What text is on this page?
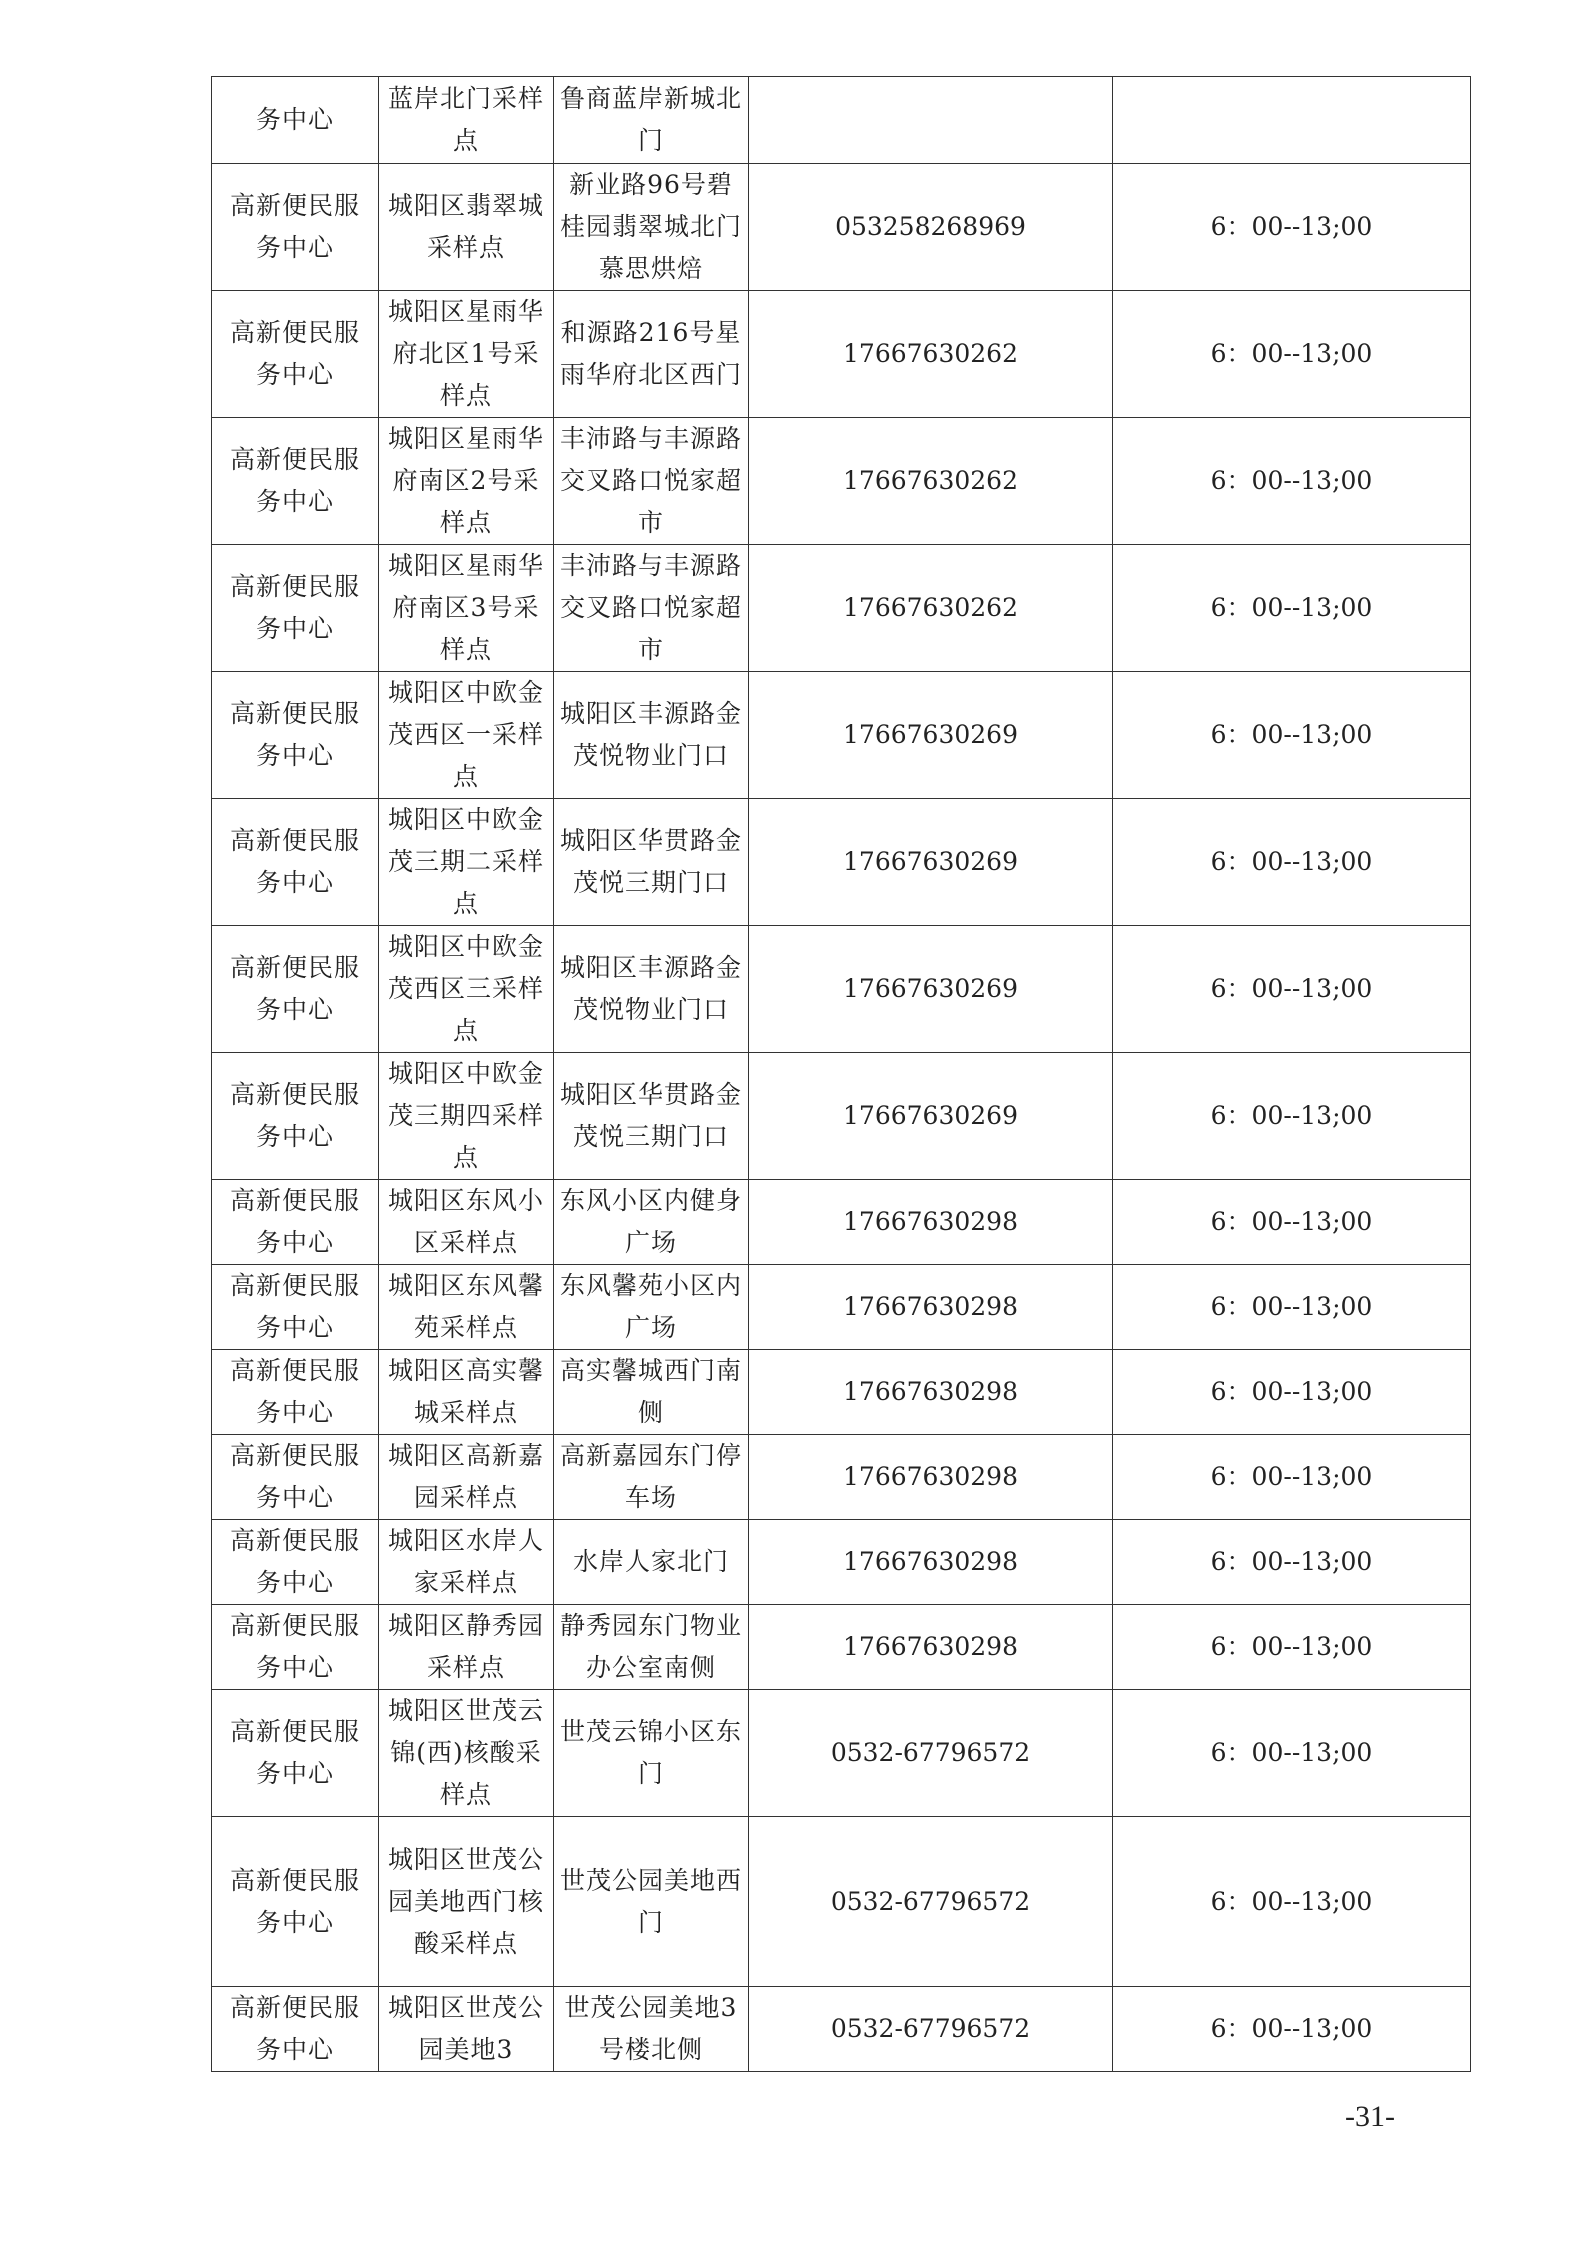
务中心	蓝岸北门采样点	鲁商蓝岸新城北门		
高新便民服务中心	城阳区翡翠城采样点	新业路96号碧桂园翡翠城北门慕思烘焙	053258268969	6：00--13;00
高新便民服务中心	城阳区星雨华府北区1号采样点	和源路216号星雨华府北区西门	17667630262	6：00--13;00
高新便民服务中心	城阳区星雨华府南区2号采样点	丰沛路与丰源路交叉路口悦家超市	17667630262	6：00--13;00
高新便民服务中心	城阳区星雨华府南区3号采样点	丰沛路与丰源路交叉路口悦家超市	17667630262	6：00--13;00
高新便民服务中心	城阳区中欧金茂西区一采样点	城阳区丰源路金茂悦物业门口	17667630269	6：00--13;00
高新便民服务中心	城阳区中欧金茂三期二采样点	城阳区华贯路金茂悦三期门口	17667630269	6：00--13;00
高新便民服务中心	城阳区中欧金茂西区三采样点	城阳区丰源路金茂悦物业门口	17667630269	6：00--13;00
高新便民服务中心	城阳区中欧金茂三期四采样点	城阳区华贯路金茂悦三期门口	17667630269	6：00--13;00
高新便民服务中心	城阳区东风小区采样点	东风小区内健身广场	17667630298	6：00--13;00
高新便民服务中心	城阳区东风馨苑采样点	东风馨苑小区内广场	17667630298	6：00--13;00
高新便民服务中心	城阳区高实馨城采样点	高实馨城西门南侧	17667630298	6：00--13;00
高新便民服务中心	城阳区高新嘉园采样点	高新嘉园东门停车场	17667630298	6：00--13;00
高新便民服务中心	城阳区水岸人家采样点	水岸人家北门	17667630298	6：00--13;00
高新便民服务中心	城阳区静秀园采样点	静秀园东门物业办公室南侧	17667630298	6：00--13;00
高新便民服务中心	城阳区世茂云锦(西)核酸采样点	世茂云锦小区东门	0532-67796572	6：00--13;00
高新便民服务中心	城阳区世茂公园美地西门核酸采样点	世茂公园美地西门	0532-67796572	6：00--13;00
高新便民服务中心	城阳区世茂公园美地3	世茂公园美地3号楼北侧	0532-67796572	6：00--13;00
-31-
